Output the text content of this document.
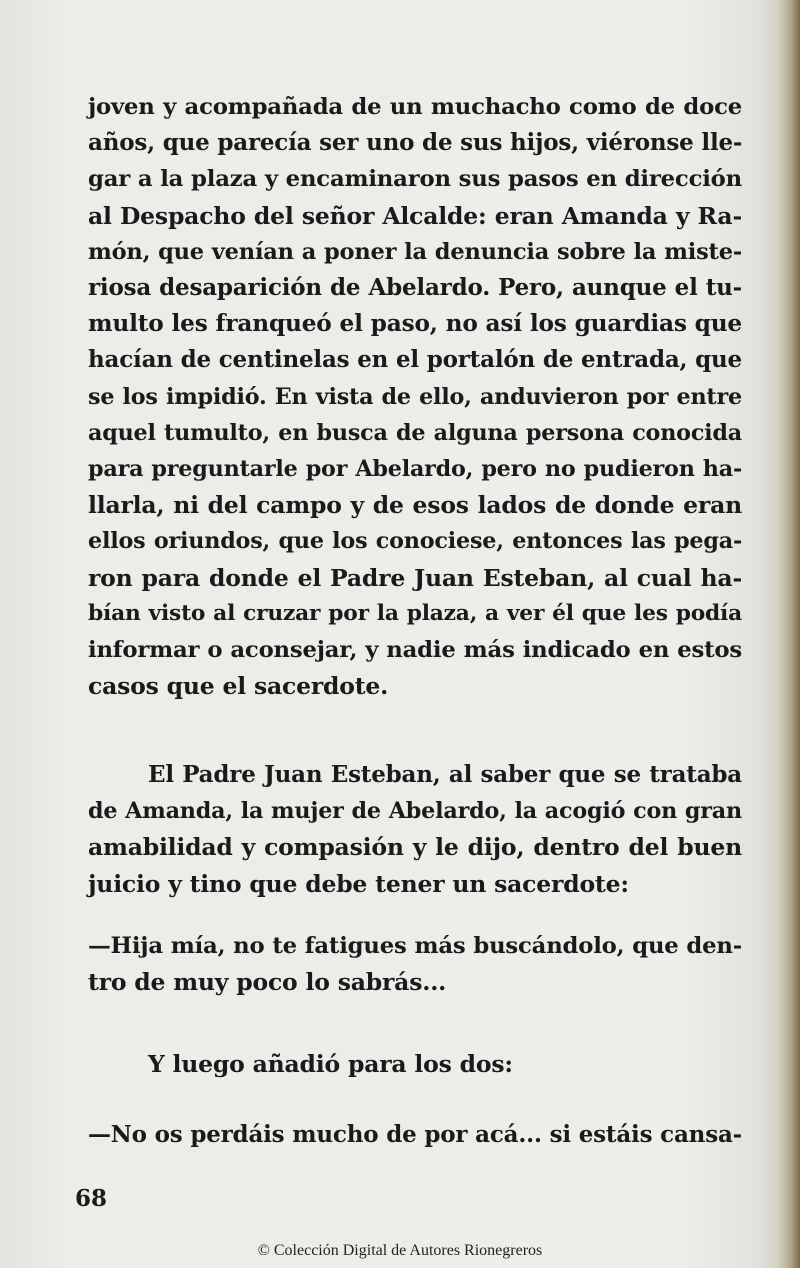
joven y acompañada de un muchacho como de doce
años, que parecía ser uno de sus hijos, viéronse lle-
gar a la plaza y encaminaron sus pasos en dirección
al Despacho del señor Alcalde: eran Amanda y Ra-
món, que venían a poner la denuncia sobre la miste-
riosa desaparición de Abelardo. Pero, aunque el tu-
multo les franqueó el paso, no así los guardias que
hacían de centinelas en el portalón de entrada, que
se los impidió. En vista de ello, anduvieron por entre
aquel tumulto, en busca de alguna persona conocida
para preguntarle por Abelardo, pero no pudieron ha-
llarla, ni del campo y de esos lados de donde eran
ellos oriundos, que los conociese, entonces las pega-
ron para donde el Padre Juan Esteban, al cual ha-
bían visto al cruzar por la plaza, a ver él que les podía
informar o aconsejar, y nadie más indicado en estos
casos que el sacerdote.
El Padre Juan Esteban, al saber que se trataba
de Amanda, la mujer de Abelardo, la acogió con gran
amabilidad y compasión y le dijo, dentro del buen
juicio y tino que debe tener un sacerdote:
—Hija mía, no te fatigues más buscándolo, que den-
tro de muy poco lo sabrás...
Y luego añadió para los dos:
—No os perdáis mucho de por acá... si estáis cansa-
68
© Colección Digital de Autores Rionegreros
